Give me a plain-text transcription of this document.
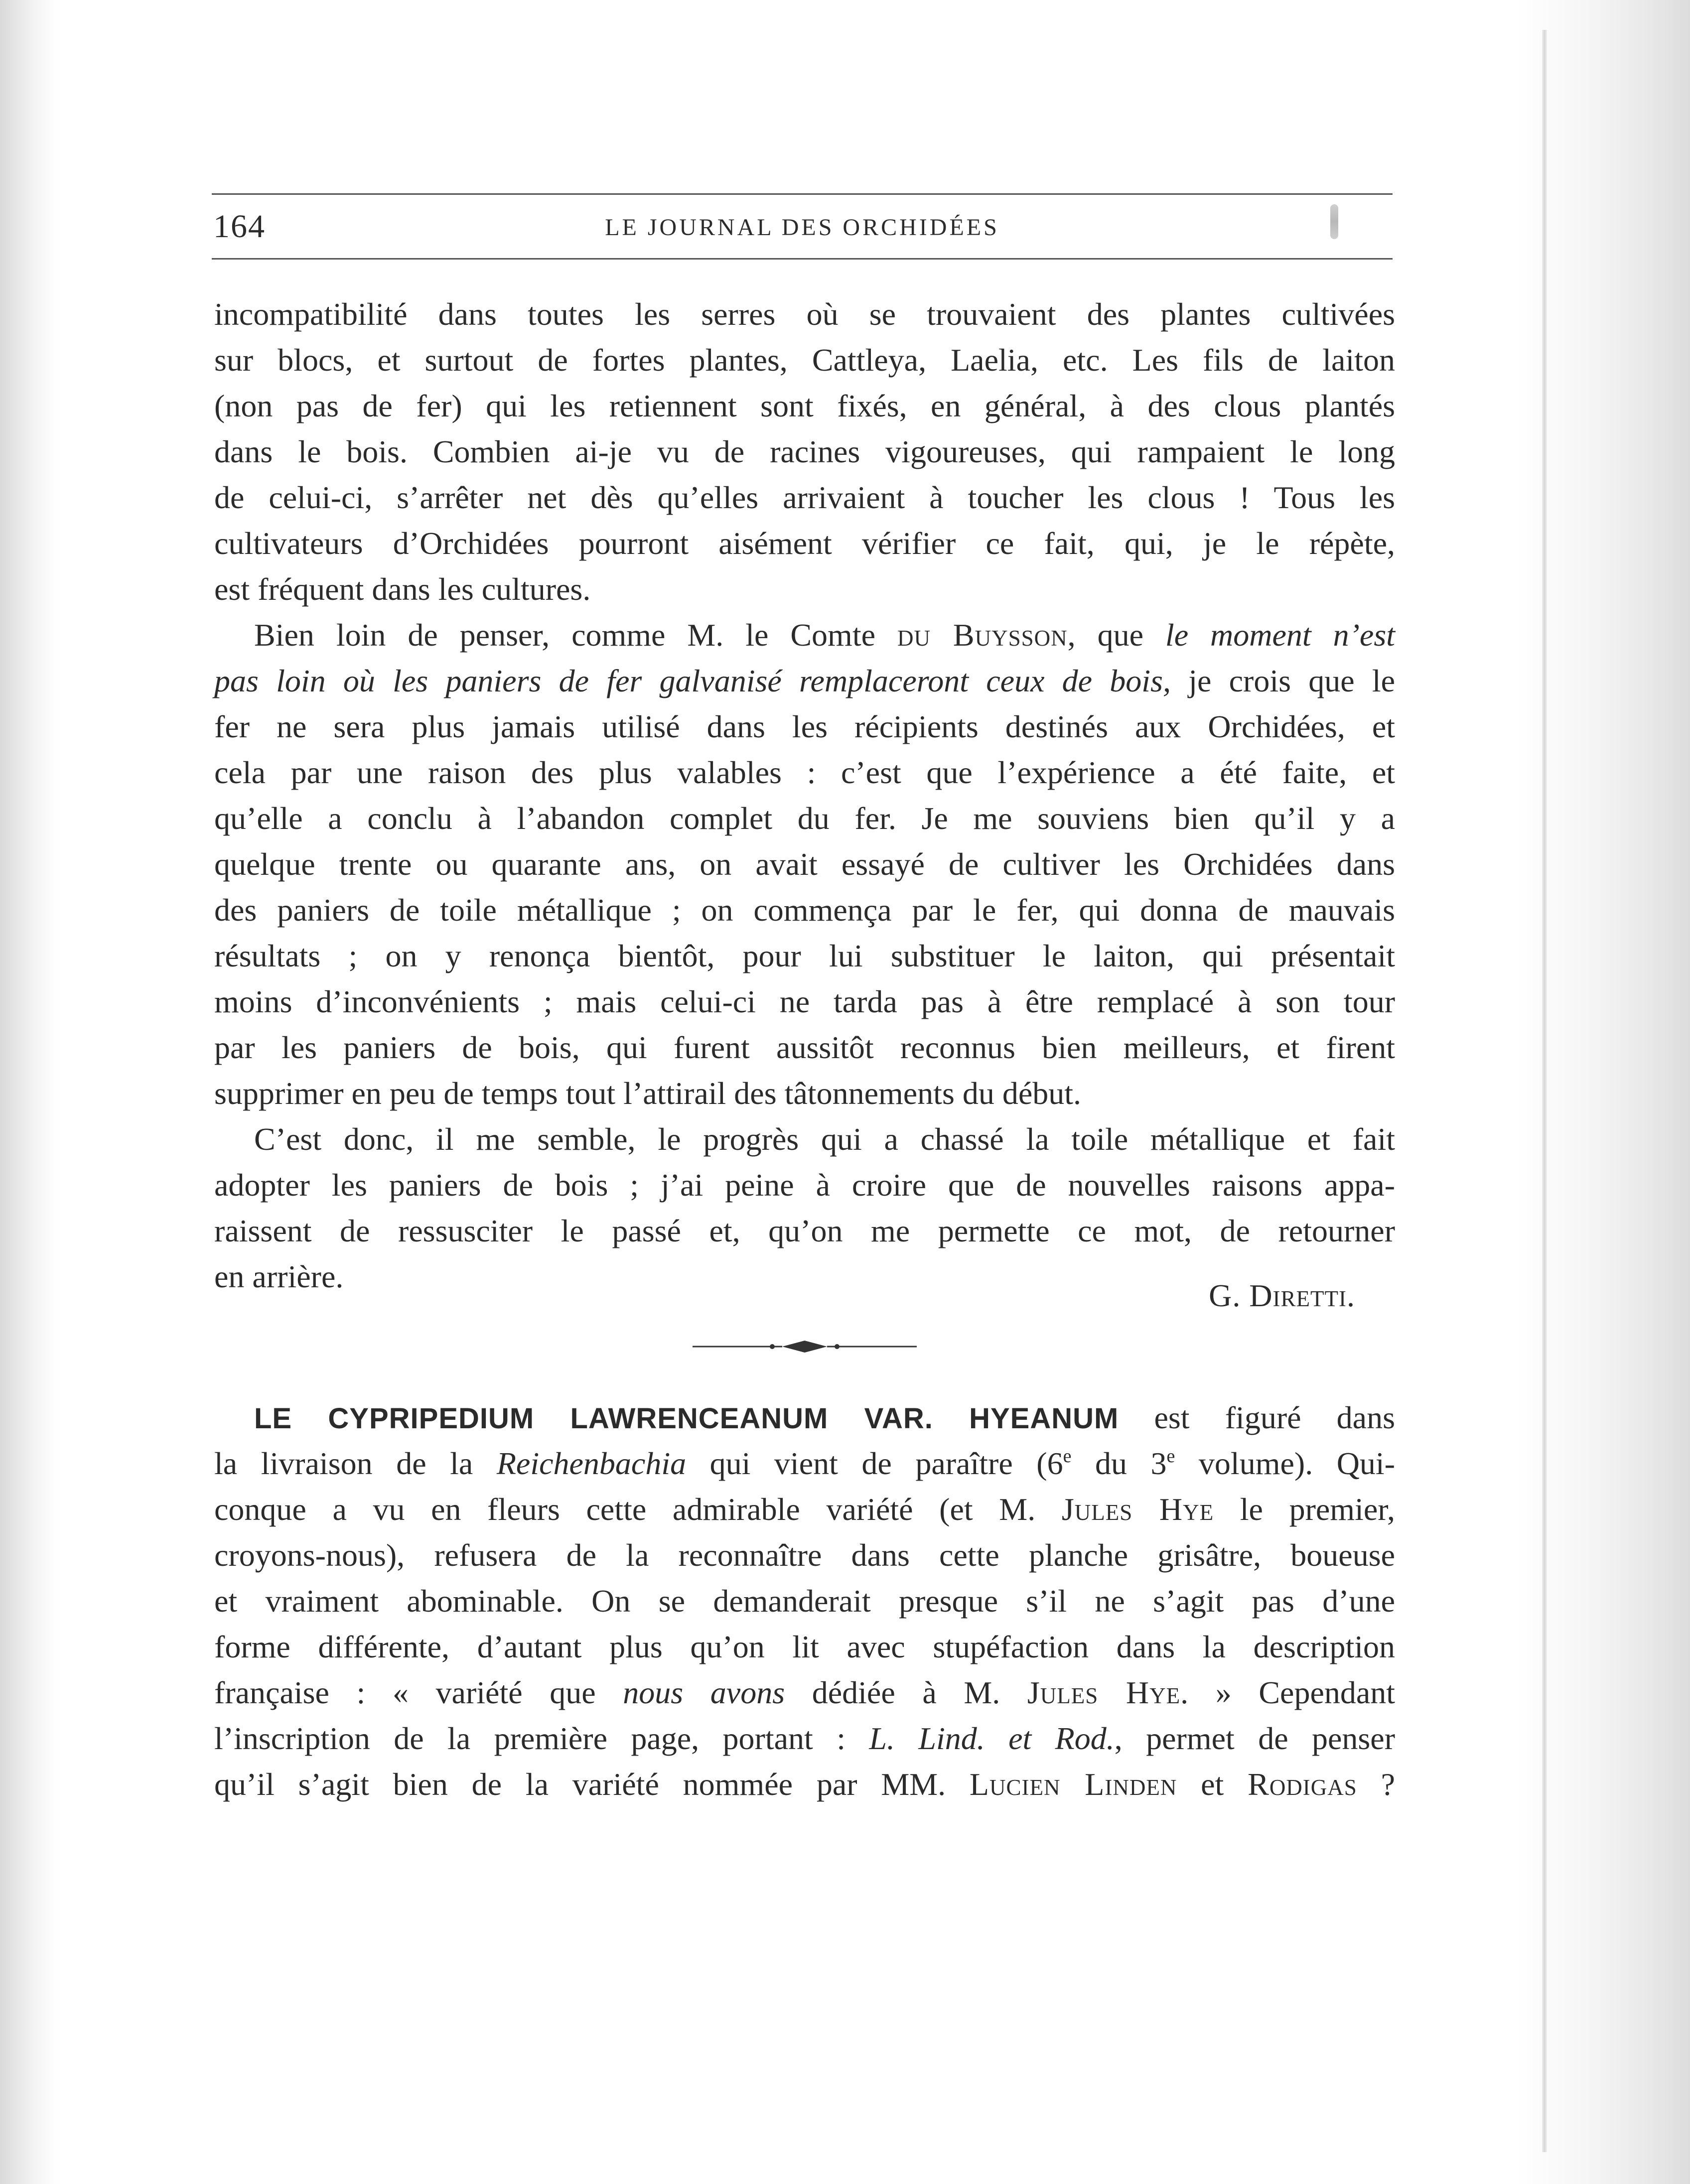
164	LE JOURNAL DES ORCHIDÉES
incompatibilité dans toutes les serres où se trouvaient des plantes cultivées
sur blocs, et surtout de fortes plantes, Cattleya, Laelia, etc. Les fils de laiton
(non pas de fer) qui les retiennent sont fixés, en général, à des clous plantés
dans le bois. Combien ai-je vu de racines vigoureuses, qui rampaient le long
de celui-ci, s’arrêter net dès qu’elles arrivaient à toucher les clous ! Tous les
cultivateurs d’Orchidées pourront aisément vérifier ce fait, qui, je le répète,
est fréquent dans les cultures.
Bien loin de penser, comme M. le Comte du Buysson, que le moment n’est
pas loin où les paniers de fer galvanisé remplaceront ceux de bois, je crois que le
fer ne sera plus jamais utilisé dans les récipients destinés aux Orchidées, et
cela par une raison des plus valables : c’est que l’expérience a été faite, et
qu’elle a conclu à l’abandon complet du fer. Je me souviens bien qu’il y a
quelque trente ou quarante ans, on avait essayé de cultiver les Orchidées dans
des paniers de toile métallique ; on commença par le fer, qui donna de mauvais
résultats ; on y renonça bientôt, pour lui substituer le laiton, qui présentait
moins d’inconvénients ; mais celui-ci ne tarda pas à être remplacé à son tour
par les paniers de bois, qui furent aussitôt reconnus bien meilleurs, et firent
supprimer en peu de temps tout l’attirail des tâtonnements du début.
C’est donc, il me semble, le progrès qui a chassé la toile métallique et fait
adopter les paniers de bois ; j’ai peine à croire que de nouvelles raisons appa-
raissent de ressusciter le passé et, qu’on me permette ce mot, de retourner
en arrière.
G. Diretti.
LE CYPRIPEDIUM LAWRENCEANUM VAR. HYEANUM est figuré dans
la livraison de la Reichenbachia qui vient de paraître (6e du 3e volume). Qui-
conque a vu en fleurs cette admirable variété (et M. Jules Hye le premier,
croyons-nous), refusera de la reconnaître dans cette planche grisâtre, boueuse
et vraiment abominable. On se demanderait presque s’il ne s’agit pas d’une
forme différente, d’autant plus qu’on lit avec stupéfaction dans la description
française : « variété que nous avons dédiée à M. Jules Hye. » Cependant
l’inscription de la première page, portant : L. Lind. et Rod., permet de penser
qu’il s’agit bien de la variété nommée par MM. Lucien Linden et Rodigas ?
